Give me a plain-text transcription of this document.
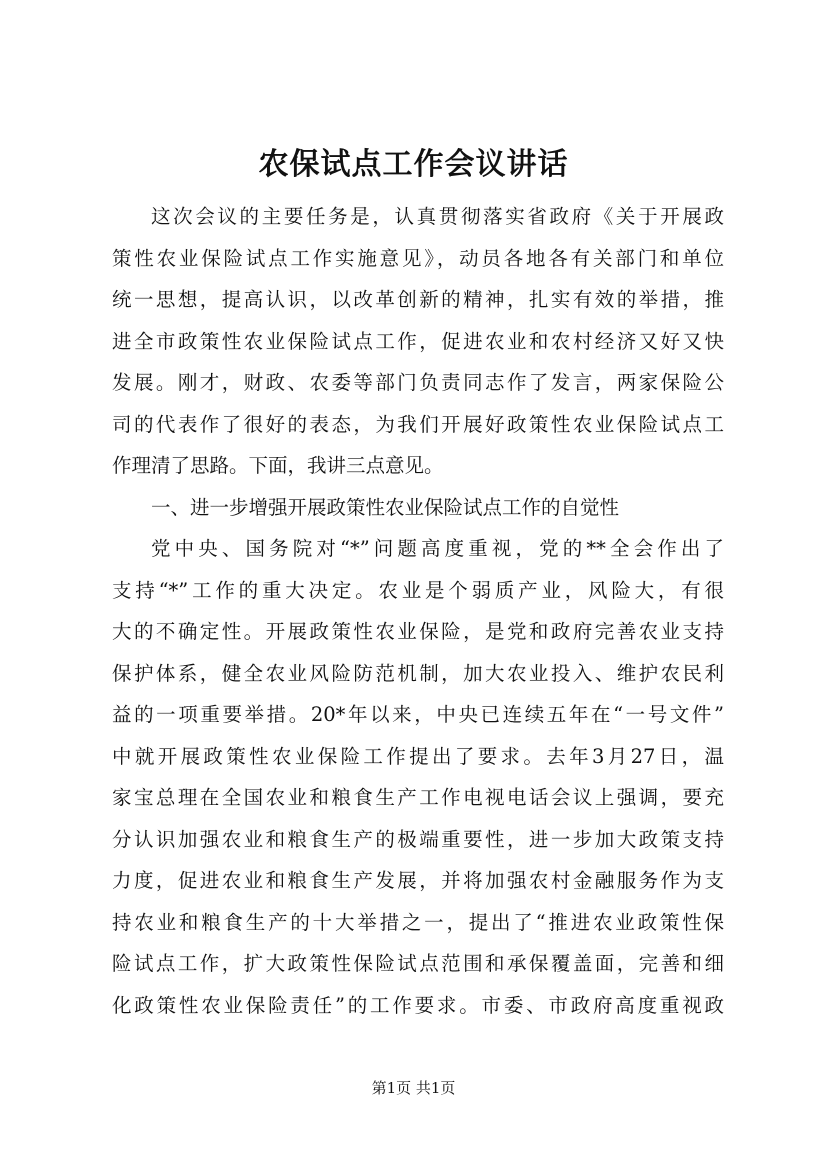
农保试点工作会议讲话
这次会议的主要任务是，认真贯彻落实省政府《关于开展政
策性农业保险试点工作实施意见》，动员各地各有关部门和单位
统一思想，提高认识，以改革创新的精神，扎实有效的举措，推
进全市政策性农业保险试点工作，促进农业和农村经济又好又快
发展。刚才，财政、农委等部门负责同志作了发言，两家保险公
司的代表作了很好的表态，为我们开展好政策性农业保险试点工
作理清了思路。下面，我讲三点意见。
一、进一步增强开展政策性农业保险试点工作的自觉性
党中央、国务院对“*”问题高度重视，党的**全会作出了
支持“*”工作的重大决定。农业是个弱质产业，风险大，有很
大的不确定性。开展政策性农业保险，是党和政府完善农业支持
保护体系，健全农业风险防范机制，加大农业投入、维护农民利
益的一项重要举措。20*年以来，中央已连续五年在“一号文件”
中就开展政策性农业保险工作提出了要求。去年3月27日，温
家宝总理在全国农业和粮食生产工作电视电话会议上强调，要充
分认识加强农业和粮食生产的极端重要性，进一步加大政策支持
力度，促进农业和粮食生产发展，并将加强农村金融服务作为支
持农业和粮食生产的十大举措之一，提出了“推进农业政策性保
险试点工作，扩大政策性保险试点范围和承保覆盖面，完善和细
化政策性农业保险责任”的工作要求。市委、市政府高度重视政
第1页 共1页
